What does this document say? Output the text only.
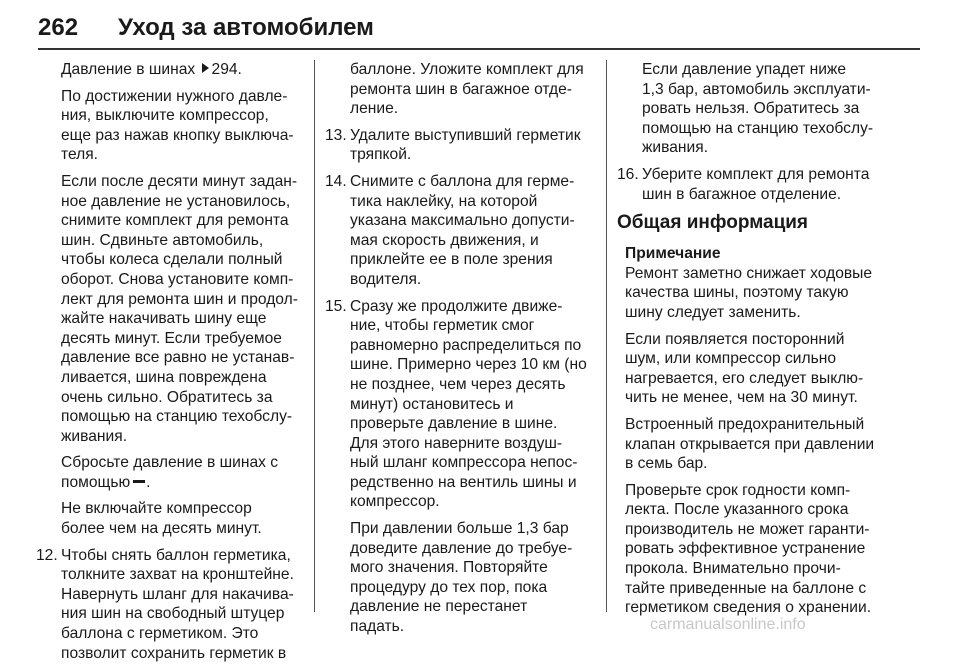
262 Уход за автомобилем

Давление в шинах 294.

По достижении нужного давле-
ния, выключите компрессор,
еще раз нажав кнопку выключа-
теля.

Если после десяти минут задан-
ное давление не установилось,
снимите комплект для ремонта
шин. Сдвиньте автомобиль,
чтобы колеса сделали полный
оборот. Снова установите комп-
лект для ремонта шин и продол-
жайте накачивать шину еще
десять минут. Если требуемое
давление все равно не устанав-
ливается, шина повреждена
очень сильно. Обратитесь за
помощью на станцию техобслу-
живания.

Сбросьте давление в шинах с
помощью .

Не включайте компрессор
более чем на десять минут.

12. Чтобы снять баллон герметика,
толкните захват на кронштейне.
Навернуть шланг для накачива-
ния шин на свободный штуцер
баллона с герметиком. Это
позволит сохранить герметик в

баллоне. Уложите комплект для
ремонта шин в багажное отде-
ление.

13. Удалите выступивший герметик
тряпкой.
14. Снимите с баллона для герме-
тика наклейку, на которой
указана максимально допусти-
мая скорость движения, и
приклейте ее в поле зрения
водителя.
15. Сразу же продолжите движе-
ние, чтобы герметик смог
равномерно распределиться по
шине. Примерно через 10 км (но
не позднее, чем через десять
минут) остановитесь и
проверьте давление в шине.
Для этого наверните воздуш-
ный шланг компрессора непос-
редственно на вентиль шины и
компрессор.

При давлении больше 1,3 бар
доведите давление до требуе-
мого значения. Повторяйте
процедуру до тех пор, пока
давление не перестанет
падать.

Если давление упадет ниже
1,3 бар, автомобиль эксплуати-
ровать нельзя. Обратитесь за
помощью на станцию техобслу-
живания.

16. Уберите комплект для ремонта
шин в багажное отделение.
Общая информация
Примечание

Ремонт заметно снижает ходовые
качества шины, поэтому такую
шину следует заменить.

Если появляется посторонний
шум, или компрессор сильно
нагревается, его следует выклю-
чить не менее, чем на 30 минут.

Встроенный предохранительный
клапан открывается при давлении
в семь бар.

Проверьте срок годности комп-
лекта. После указанного срока
производитель не может гаранти-
ровать эффективное устранение
прокола. Внимательно прочи-
тайте приведенные на баллоне с
герметиком сведения о хранении.

carmanualsonline.info
